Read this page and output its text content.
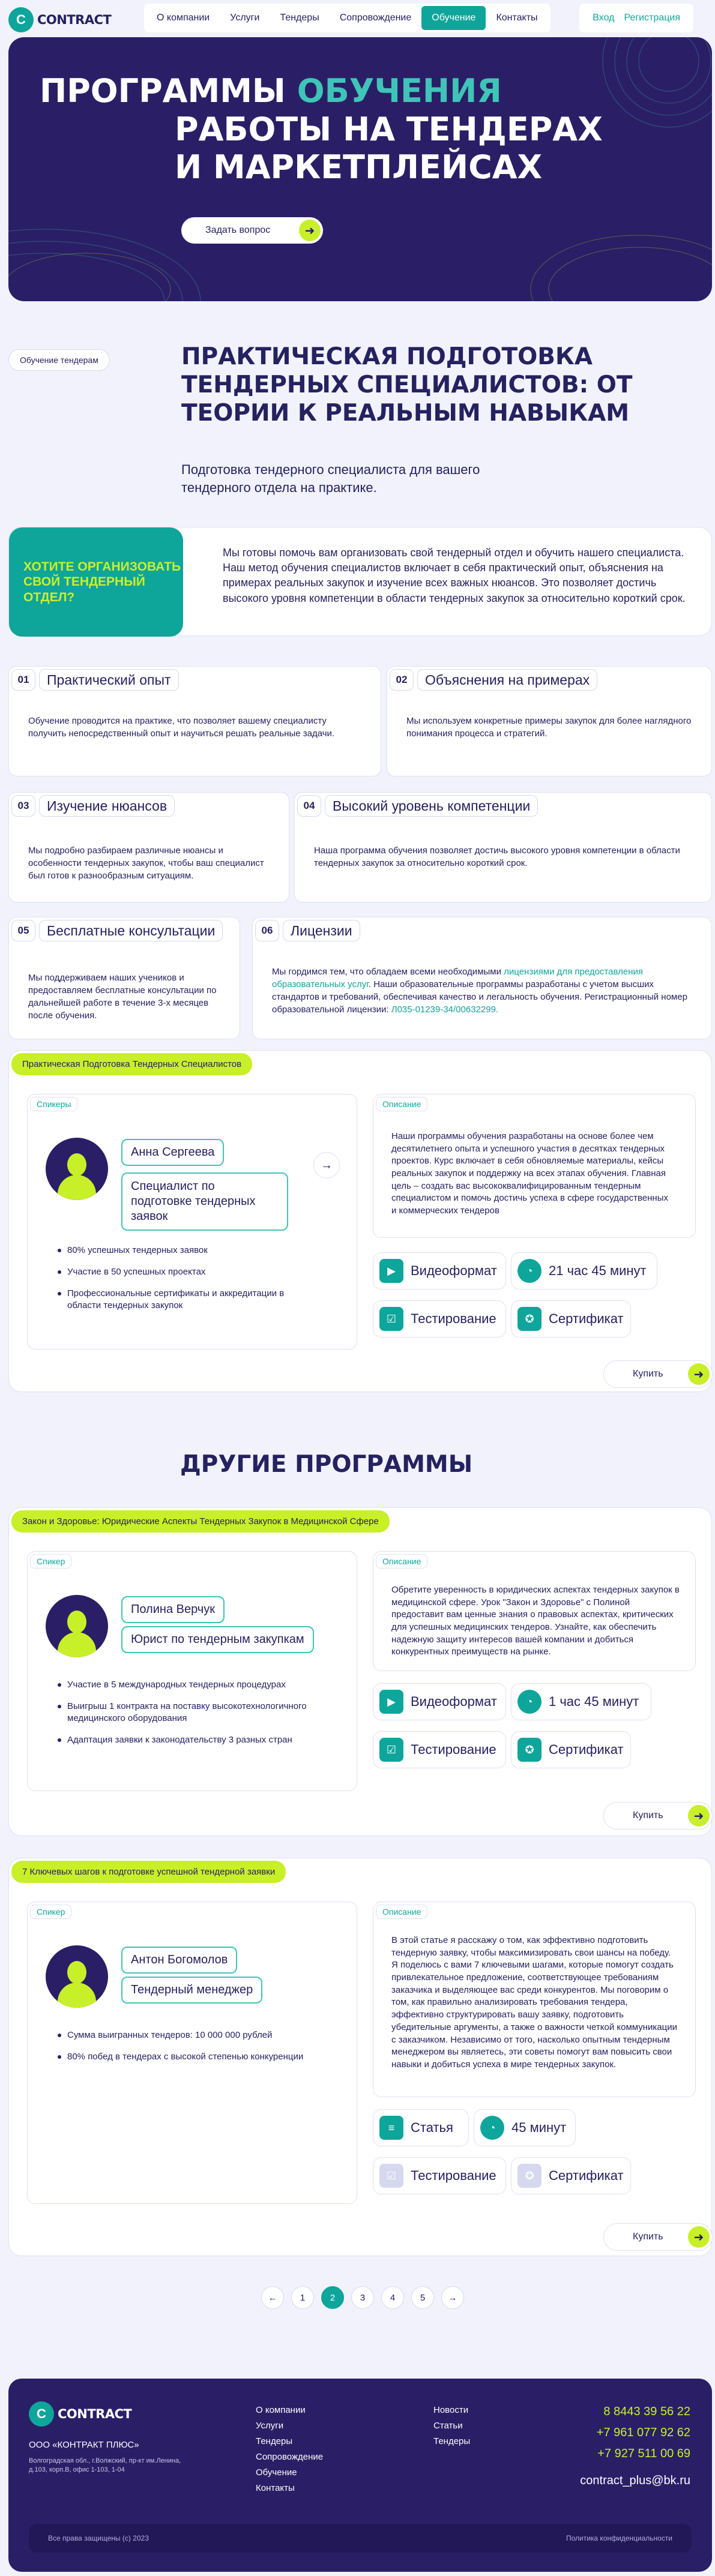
C CONTRACT	О компании	Услуги	Тендеры	Сопровождение	Обучение	Контакты	Вход	Регистрация
ПРОГРАММЫ ОБУЧЕНИЯ
РАБОТЫ НА ТЕНДЕРАХ
И МАРКЕТПЛЕЙСАХ
Задать вопрос	➜
Обучение тендерам	ПРАКТИЧЕСКАЯ ПОДГОТОВКА ТЕНДЕРНЫХ СПЕЦИАЛИСТОВ: ОТ ТЕОРИИ К РЕАЛЬНЫМ НАВЫКАМ
Подготовка тендерного специалиста для вашего тендерного отдела на практике.
ХОТИТЕ ОРГАНИЗОВАТЬ СВОЙ ТЕНДЕРНЫЙ ОТДЕЛ?
Мы готовы помочь вам организовать свой тендерный отдел и обучить нашего специалиста. Наш метод обучения специалистов включает в себя практический опыт, объяснения на примерах реальных закупок и изучение всех важных нюансов. Это позволяет достичь высокого уровня компетенции в области тендерных закупок за относительно короткий срок.
01	Практический опыт
Обучение проводится на практике, что позволяет вашему специалисту получить непосредственный опыт и научиться решать реальные задачи.
02	Объяснения на примерах
Мы используем конкретные примеры закупок для более наглядного понимания процесса и стратегий.
03	Изучение нюансов
Мы подробно разбираем различные нюансы и особенности тендерных закупок, чтобы ваш специалист был готов к разнообразным ситуациям.
04	Высокий уровень компетенции
Наша программа обучения позволяет достичь высокого уровня компетенции в области тендерных закупок за относительно короткий срок.
05	Бесплатные консультации
Мы поддерживаем наших учеников и предоставляем бесплатные консультации по дальнейшей работе в течение 3-х месяцев после обучения.
06	Лицензии
Мы гордимся тем, что обладаем всеми необходимыми лицензиями для предоставления образовательных услуг. Наши образовательные программы разработаны с учетом высших стандартов и требований, обеспечивая качество и легальность обучения. Регистрационный номер образовательной лицензии: Л035-01239-34/00632299.
Практическая Подготовка Тендерных Специалистов
Спикеры
Анна Сергеева
Специалист по подготовке тендерных заявок
→
80% успешных тендерных заявок
Участие в 50 успешных проектах
Профессиональные сертификаты и аккредитации в области тендерных закупок
Описание
Наши программы обучения разработаны на основе более чем десятилетнего опыта и успешного участия в десятках тендерных проектов. Курс включает в себя обновляемые материалы, кейсы реальных закупок и поддержку на всех этапах обучения. Главная цель – создать вас высококвалифицированным тендерным специалистом и помочь достичь успеха в сфере государственных и коммерческих тендеров
▶	Видеоформат	◔	21 час 45 минут
☑	Тестирование	✪	Сертификат
Купить	➜
ДРУГИЕ ПРОГРАММЫ
Закон и Здоровье: Юридические Аспекты Тендерных Закупок в Медицинской Сфере
Спикер
Полина Верчук
Юрист по тендерным закупкам
Участие в 5 международных тендерных процедурах
Выигрыш 1 контракта на поставку высокотехнологичного медицинского оборудования
Адаптация заявки к законодательству 3 разных стран
Описание
Обретите уверенность в юридических аспектах тендерных закупок в медицинской сфере. Урок "Закон и Здоровье" с Полиной предоставит вам ценные знания о правовых аспектах, критических для успешных медицинских тендеров. Узнайте, как обеспечить надежную защиту интересов вашей компании и добиться конкурентных преимуществ на рынке.
▶	Видеоформат	◔	1 час 45 минут
☑	Тестирование	✪	Сертификат
Купить	➜
7 Ключевых шагов к подготовке успешной тендерной заявки
Спикер
Антон Богомолов
Тендерный менеджер
Сумма выигранных тендеров: 10 000 000 рублей
80% побед в тендерах с высокой степенью конкуренции
Описание
В этой статье я расскажу о том, как эффективно подготовить тендерную заявку, чтобы максимизировать свои шансы на победу. Я поделюсь с вами 7 ключевыми шагами, которые помогут создать привлекательное предложение, соответствующее требованиям заказчика и выделяющее вас среди конкурентов. Мы поговорим о том, как правильно анализировать требования тендера, эффективно структурировать вашу заявку, подготовить убедительные аргументы, а также о важности четкой коммуникации с заказчиком. Независимо от того, насколько опытным тендерным менеджером вы являетесь, эти советы помогут вам повысить свои навыки и добиться успеха в мире тендерных закупок.
≡	Статья	◔	45 минут
☑	Тестирование	✪	Сертификат
Купить	➜
←	1	2	3	4	5	→
C CONTRACT
ООО «КОНТРАКТ ПЛЮС»
Волгоградская обл., г.Волжский, пр-кт им.Ленина, д.103, корп.В, офис 1-103, 1-04
О компании
Услуги
Тендеры
Сопровождение
Обучение
Контакты
Новости
Статьи
Тендеры
8 8443 39 56 22
+7 961 077 92 62
+7 927 511 00 69
contract_plus@bk.ru
Все права защищены (с) 2023	Политика конфиденциальности
